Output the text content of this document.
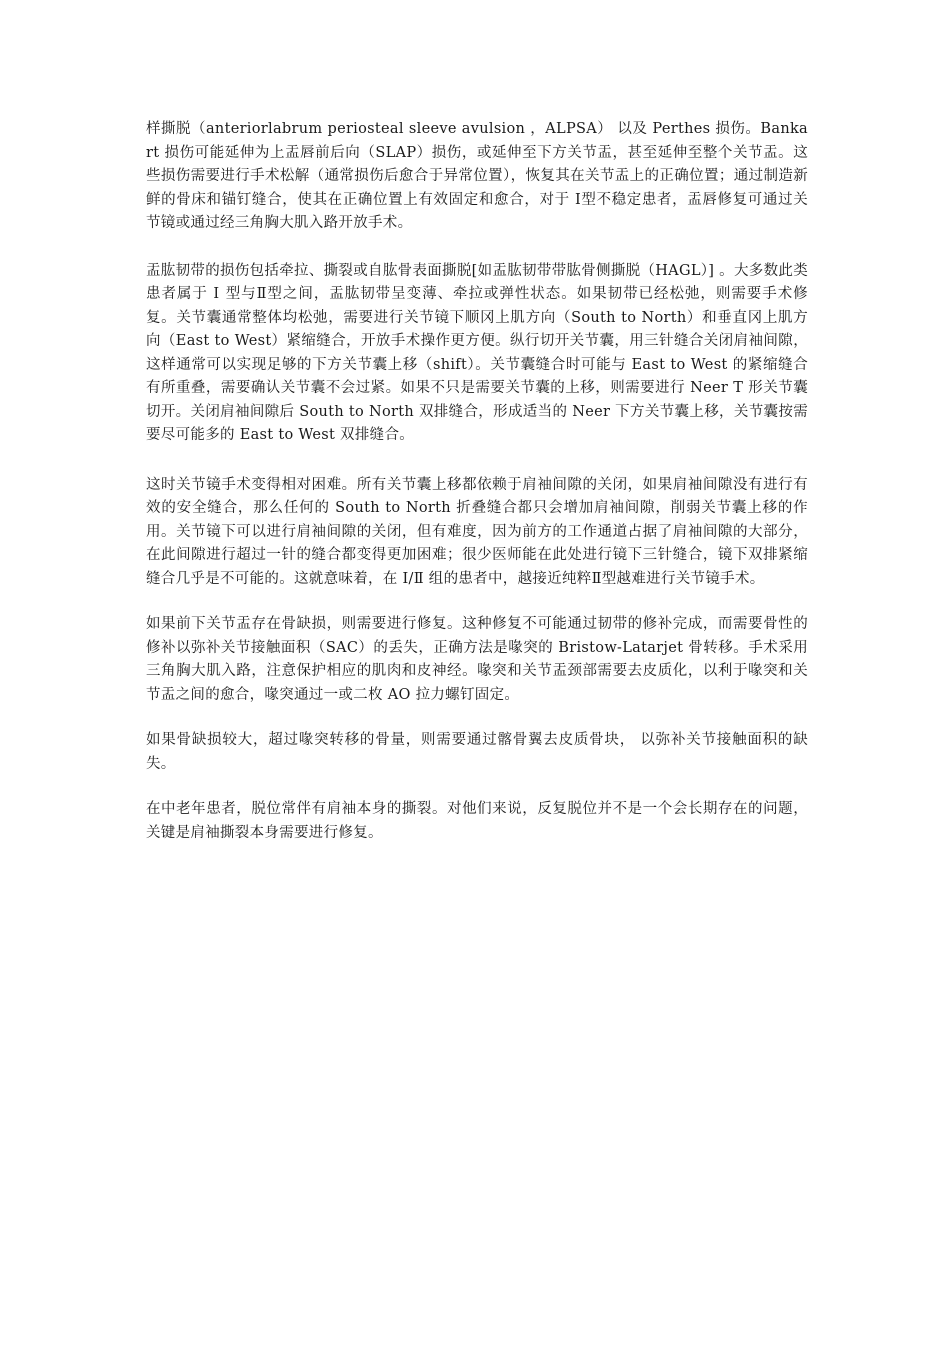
样撕脱（anteriorlabrum periosteal sleeve avulsion ，ALPSA） 以及 Perthes 损伤。Bankart 损伤可能延伸为上盂唇前后向（SLAP）损伤，或延伸至下方关节盂，甚至延伸至整个关节盂。这些损伤需要进行手术松解（通常损伤后愈合于异常位置），恢复其在关节盂上的正确位置；通过制造新鲜的骨床和锚钉缝合，使其在正确位置上有效固定和愈合，对于 Ⅰ型不稳定患者，盂唇修复可通过关节镜或通过经三角胸大肌入路开放手术。

盂肱韧带的损伤包括牵拉、撕裂或自肱骨表面撕脱[如盂肱韧带带肱骨侧撕脱（HAGL）] 。大多数此类患者属于 Ⅰ 型与Ⅱ型之间，盂肱韧带呈变薄、牵拉或弹性状态。如果韧带已经松弛，则需要手术修复。关节囊通常整体均松弛，需要进行关节镜下顺冈上肌方向（South to North）和垂直冈上肌方向（East to West）紧缩缝合，开放手术操作更方便。纵行切开关节囊，用三针缝合关闭肩袖间隙，这样通常可以实现足够的下方关节囊上移（shift）。关节囊缝合时可能与 East to West 的紧缩缝合有所重叠，需要确认关节囊不会过紧。如果不只是需要关节囊的上移，则需要进行 Neer T 形关节囊切开。关闭肩袖间隙后 South to North 双排缝合，形成适当的 Neer 下方关节囊上移，关节囊按需要尽可能多的 East to West 双排缝合。

这时关节镜手术变得相对困难。所有关节囊上移都依赖于肩袖间隙的关闭，如果肩袖间隙没有进行有效的安全缝合，那么任何的 South to North 折叠缝合都只会增加肩袖间隙，削弱关节囊上移的作用。关节镜下可以进行肩袖间隙的关闭，但有难度，因为前方的工作通道占据了肩袖间隙的大部分，在此间隙进行超过一针的缝合都变得更加困难；很少医师能在此处进行镜下三针缝合，镜下双排紧缩缝合几乎是不可能的。这就意味着，在 Ⅰ/Ⅱ 组的患者中，越接近纯粹Ⅱ型越难进行关节镜手术。

如果前下关节盂存在骨缺损，则需要进行修复。这种修复不可能通过韧带的修补完成，而需要骨性的修补以弥补关节接触面积（SAC）的丢失，正确方法是喙突的 Bristow-Latarjet 骨转移。手术采用三角胸大肌入路，注意保护相应的肌肉和皮神经。喙突和关节盂颈部需要去皮质化，以利于喙突和关节盂之间的愈合，喙突通过一或二枚 AO 拉力螺钉固定。

如果骨缺损较大，超过喙突转移的骨量，则需要通过髂骨翼去皮质骨块， 以弥补关节接触面积的缺失。

在中老年患者，脱位常伴有肩袖本身的撕裂。对他们来说，反复脱位并不是一个会长期存在的问题，关键是肩袖撕裂本身需要进行修复。
